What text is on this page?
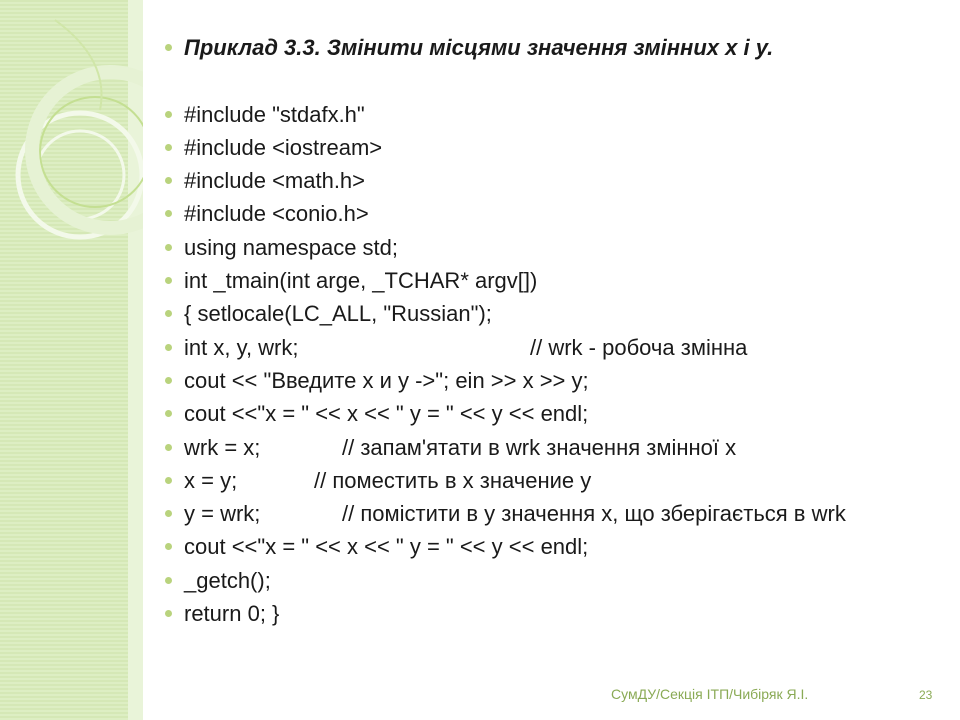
Приклад 3.3. Змінити місцями значення змінних x і y.

#include "stdafx.h"
#include <iostream>
#include <math.h>
#include <conio.h>
using namespace std;
int _tmain(int arge, _TCHAR* argv[])
{ setlocale(LC_ALL, "Russian");
int x, y, wrk;	// wrk - робоча змінна
cout << "Введите x и y ->"; ein >> x >> y;
cout <<"x = " << x << " y = " << y << endl;
wrk = x;	// запам'ятати в wrk значення змінної x
x = y;	// поместить в x значение y
y = wrk;	// помістити в y значення x, що зберігається в wrk
cout <<"x = " << x << " y = " << y << endl;
_getch();
return 0; }
СумДУ/Секція ІТП/Чибіряк Я.І.	23
